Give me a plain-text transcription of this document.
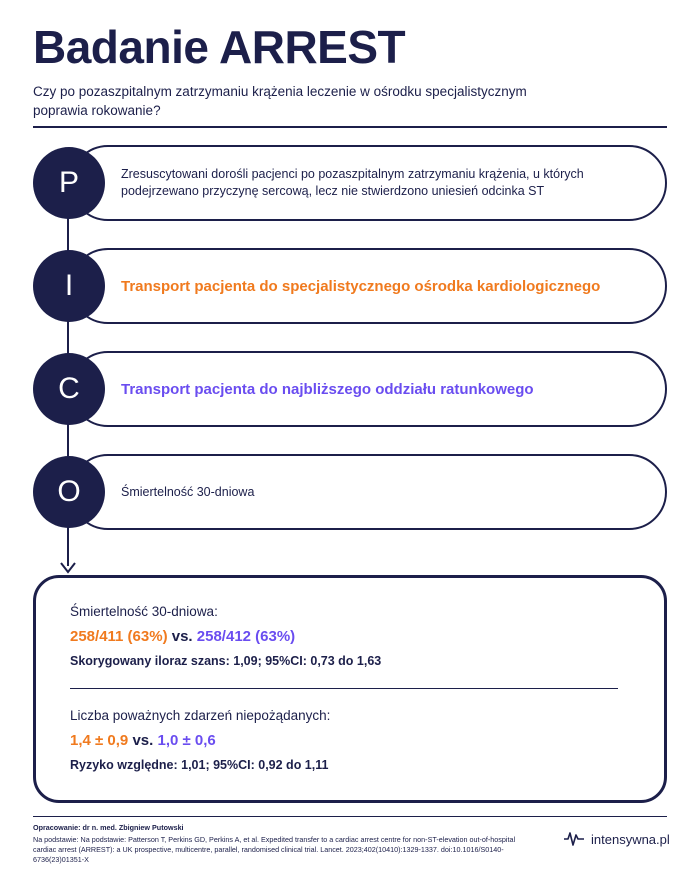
Badanie ARREST
Czy po pozaszpitalnym zatrzymaniu krążenia leczenie w ośrodku specjalistycznym poprawia rokowanie?
P	Zresuscytowani dorośli pacjenci po pozaszpitalnym zatrzymaniu krążenia, u których podejrzewano przyczynę sercową, lecz nie stwierdzono uniesień odcinka ST
I	Transport pacjenta do specjalistycznego ośrodka kardiologicznego
C	Transport pacjenta do najbliższego oddziału ratunkowego
O	Śmiertelność 30-dniowa
Śmiertelność 30-dniowa:
258/411 (63%) vs. 258/412 (63%)
Skorygowany iloraz szans: 1,09; 95%CI: 0,73 do 1,63
Liczba poważnych zdarzeń niepożądanych:
1,4 ± 0,9 vs. 1,0 ± 0,6
Ryzyko względne: 1,01; 95%CI: 0,92 do 1,11
Opracowanie: dr n. med. Zbigniew Putowski
Na podstawie: Na podstawie: Patterson T, Perkins GD, Perkins A, et al. Expedited transfer to a cardiac arrest centre for non-ST-elevation out-of-hospital cardiac arrest (ARREST): a UK prospective, multicentre, parallel, randomised clinical trial. Lancet. 2023;402(10410):1329-1337. doi:10.1016/S0140-6736(23)01351-X
intensywna.pl
